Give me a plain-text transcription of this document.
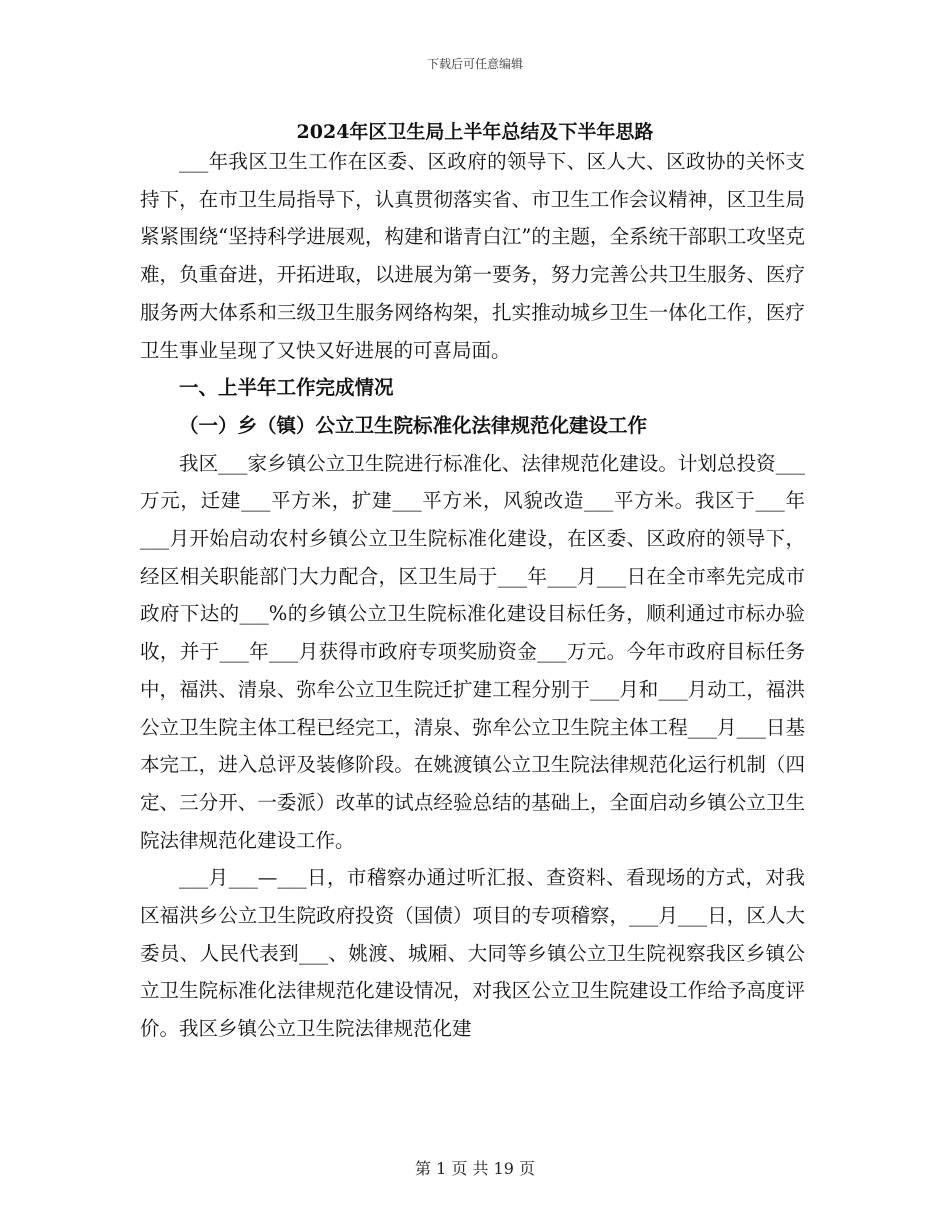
下载后可任意编辑
2024年区卫生局上半年总结及下半年思路

___年我区卫生工作在区委、区政府的领导下、区人大、区政协的关怀支持下，在市卫生局指导下，认真贯彻落实省、市卫生工作会议精神，区卫生局紧紧围绕“坚持科学进展观，构建和谐青白江”的主题，全系统干部职工攻坚克难，负重奋进，开拓进取，以进展为第一要务，努力完善公共卫生服务、医疗服务两大体系和三级卫生服务网络构架，扎实推动城乡卫生一体化工作，医疗卫生事业呈现了又快又好进展的可喜局面。

一、上半年工作完成情况
（一）乡（镇）公立卫生院标准化法律规范化建设工作

我区___家乡镇公立卫生院进行标准化、法律规范化建设。计划总投资___万元，迁建___平方米，扩建___平方米，风貌改造___平方米。我区于___年___月开始启动农村乡镇公立卫生院标准化建设，在区委、区政府的领导下，经区相关职能部门大力配合，区卫生局于___年___月___日在全市率先完成市政府下达的___%的乡镇公立卫生院标准化建设目标任务，顺利通过市标办验收，并于___年___月获得市政府专项奖励资金___万元。今年市政府目标任务中，福洪、清泉、弥牟公立卫生院迁扩建工程分别于___月和___月动工，福洪公立卫生院主体工程已经完工，清泉、弥牟公立卫生院主体工程___月___日基本完工，进入总评及装修阶段。在姚渡镇公立卫生院法律规范化运行机制（四定、三分开、一委派）改革的试点经验总结的基础上，全面启动乡镇公立卫生院法律规范化建设工作。

___月___—___日，市稽察办通过听汇报、查资料、看现场的方式，对我区福洪乡公立卫生院政府投资（国债）项目的专项稽察，___月___日，区人大委员、人民代表到___、姚渡、城厢、大同等乡镇公立卫生院视察我区乡镇公立卫生院标准化法律规范化建设情况，对我区公立卫生院建设工作给予高度评价。我区乡镇公立卫生院法律规范化建

第 1 页 共 19 页
